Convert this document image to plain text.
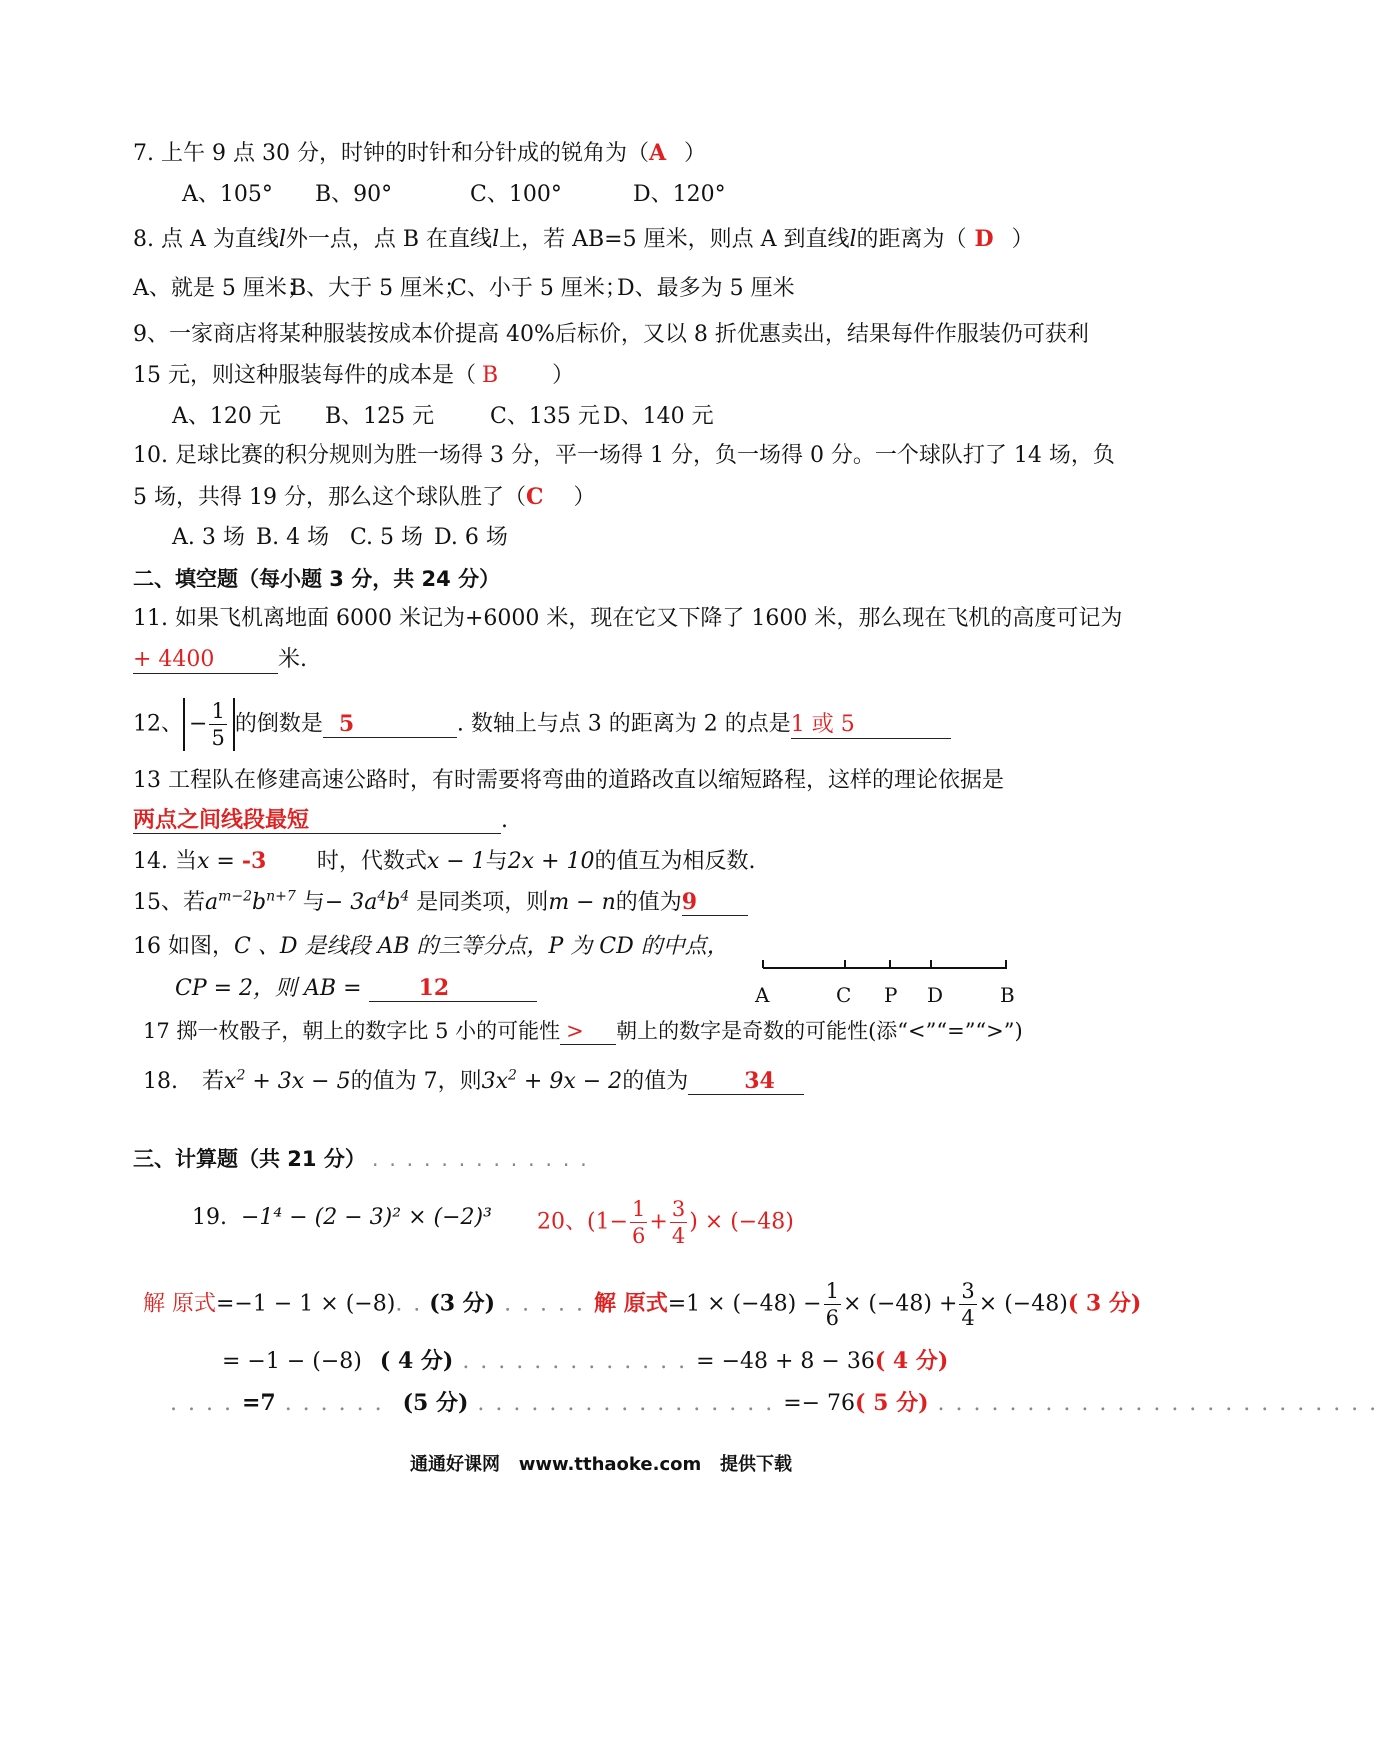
7. 上午 9 点 30 分，时钟的时针和分针成的锐角为（A ）
A、105° B、90°	C、100°	D、120°
8. 点 A 为直线l外一点，点 B 在直线l上，若 AB=5 厘米，则点 A 到直线l的距离为（ D ）
A、就是 5 厘米；
B、大于 5 厘米；
C、小于 5 厘米；
D、最多为 5 厘米
9、一家商店将某种服装按成本价提高 40%后标价，又以 8 折优惠卖出，结果每件作服装仍可获利
15 元，则这种服装每件的成本是（ B ）
A、120 元 B、125 元	C、135 元 D、140 元
10. 足球比赛的积分规则为胜一场得 3 分，平一场得 1 分，负一场得 0 分。一个球队打了 14 场，负
5 场，共得 19 分，那么这个球队胜了（C ）
A. 3 场 B. 4 场 C. 5 场 D. 6 场
二、填空题（每小题 3 分，共 24 分）
11. 如果飞机离地面 6000 米记为+6000 米，现在它又下降了 1600 米，那么现在飞机的高度可记为
+ 4400	米.
12、 − $\frac{1}{5}$ 的倒数是 5	. 数轴上与点 3 的距离为 2 的点是1 或 5
13 工程队在修建高速公路时，有时需要将弯曲的道路改直以缩短路程，这样的理论依据是
两点之间线段最短	.
14. 当x = -3 时，代数式x − 1与2x + 10的值互为相反数.
15、若$a^{m-2}b^{n+7}$ 与− $3a^4b^4$ 是同类项，则m − n的值为9
16 如图，C 、D 是线段 AB 的三等分点，P 为 CD 的中点，
CP = 2，则 AB = 12	A	C P D	B
17 掷一枚骰子，朝上的数字比 5 小的可能性 > 朝上的数字是奇数的可能性(添“<”“=”“>”)
18. 若$x^2 + 3x - 5$的值为 7，则$3x^2 + 9x - 2$的值为	34
三、计算题（共 21 分） . . . . . . . . . . . . .
19. −1⁴ − (2 − 3)² × (−2)³ 20、($1- \frac{1}{6} + \frac{3}{4}$ ) × (−48)
解 原式=−1 − 1 × (−8). . (3 分) . . . . . 解 原式$=1 \times (-48) - \frac{1}{6} \times (-48) + \frac{3}{4} \times (-48)$( 3 分)
= −1 − (−8) ( 4 分) . . . . . . . . . . . . . = −48 + 8 − 36( 4 分)
. . . . =7 . . . . . . (5 分) . . . . . . . . . . . . . . . . . =− 76( 5 分) . . . . . . . . . . . . . . . . . . . . . . . . .
通通好课网   www.tthaoke.com   提供下载
